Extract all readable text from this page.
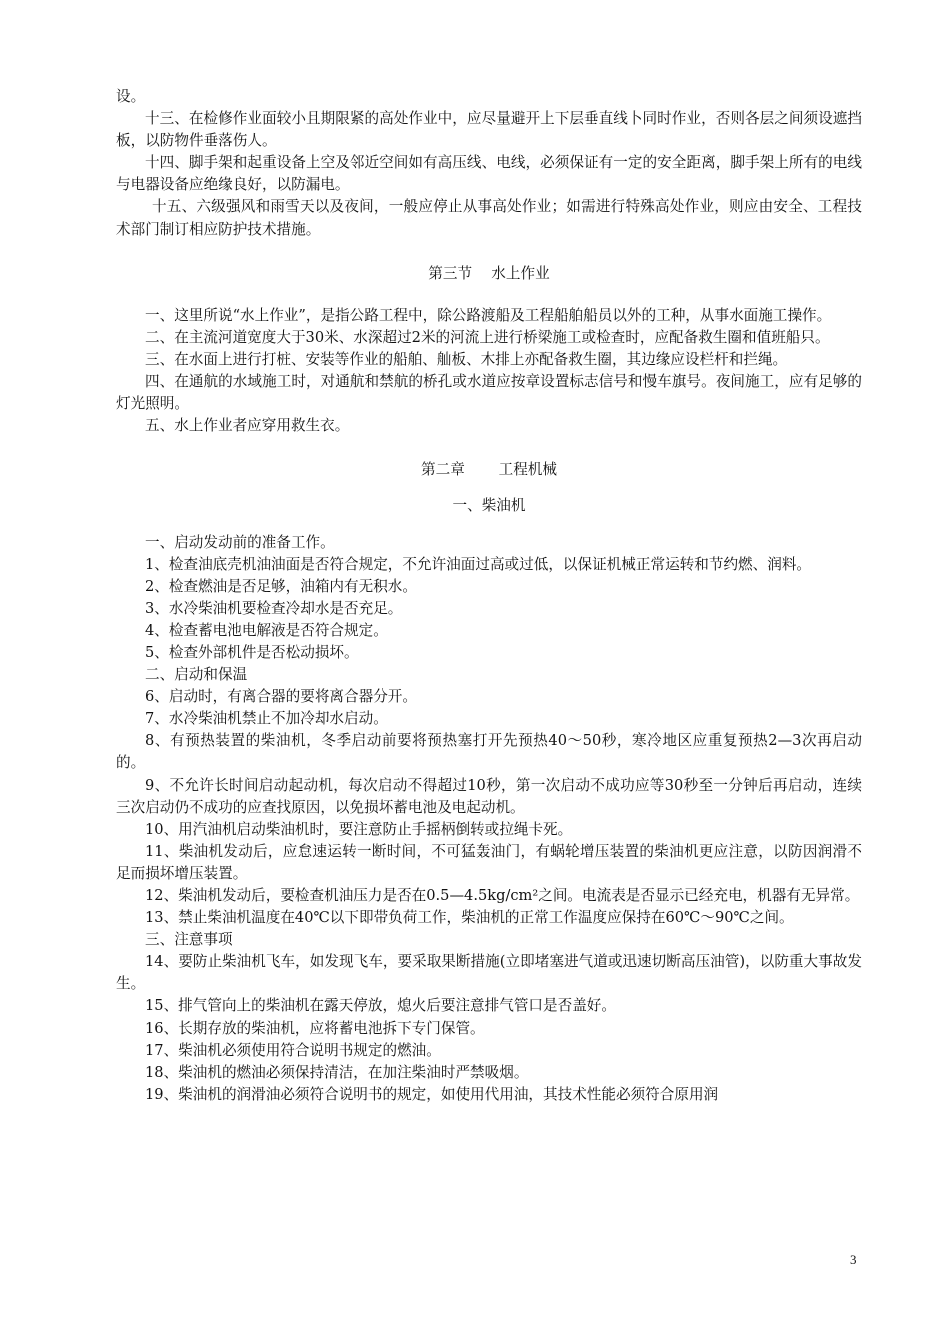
设。

十三、在检修作业面较小且期限紧的高处作业中，应尽量避开上下层垂直线卜同时作业，否则各层之间须设遮挡板，以防物件垂落伤人。

十四、脚手架和起重设备上空及邻近空间如有高压线、电线，必须保证有一定的安全距离，脚手架上所有的电线与电器设备应绝缘良好，以防漏电。

十五、六级强风和雨雪天以及夜间，一般应停止从事高处作业；如需进行特殊高处作业，则应由安全、工程技术部门制订相应防护技术措施。

第三节　 水上作业

一、这里所说“水上作业”，是指公路工程中，除公路渡船及工程船舶船员以外的工种，从事水面施工操作。

二、在主流河道宽度大于30米、水深超过2米的河流上进行桥梁施工或检查时，应配备救生圈和值班船只。

三、在水面上进行打桩、安装等作业的船舶、舢板、木排上亦配备救生圈，其边缘应设栏杆和拦绳。

四、在通航的水域施工时，对通航和禁航的桥孔或水道应按章设置标志信号和慢车旗号。夜间施工，应有足够的灯光照明。

五、水上作业者应穿用救生衣。

第二章　　 工程机械

一、柴油机

一、启动发动前的准备工作。

1、检查油底壳机油油面是否符合规定，不允许油面过高或过低，以保证机械正常运转和节约燃、润料。

2、检查燃油是否足够，油箱内有无积水。

3、水冷柴油机要检查冷却水是否充足。

4、检查蓄电池电解液是否符合规定。

5、检查外部机件是否松动损坏。

二、启动和保温

6、启动时，有离合器的要将离合器分开。

7、水冷柴油机禁止不加冷却水启动。

8、有预热装置的柴油机，冬季启动前要将预热塞打开先预热40～50秒，寒冷地区应重复预热2—3次再启动的。

9、不允许长时间启动起动机，每次启动不得超过10秒，第一次启动不成功应等30秒至一分钟后再启动，连续三次启动仍不成功的应查找原因，以免损坏蓄电池及电起动机。

10、用汽油机启动柴油机时，要注意防止手摇柄倒转或拉绳卡死。

11、柴油机发动后，应怠速运转一断时间，不可猛轰油门，有蜗轮增压装置的柴油机更应注意，以防因润滑不足而损坏增压装置。

12、柴油机发动后，要检查机油压力是否在0.5—4.5kg/cm²之间。电流表是否显示已经充电，机器有无异常。

13、禁止柴油机温度在40℃以下即带负荷工作，柴油机的正常工作温度应保持在60℃～90℃之间。

三、注意事项

14、要防止柴油机飞车，如发现飞车，要采取果断措施(立即堵塞进气道或迅速切断高压油管)，以防重大事故发生。

15、排气管向上的柴油机在露天停放，熄火后要注意排气管口是否盖好。

16、长期存放的柴油机，应将蓄电池拆下专门保管。

17、柴油机必须使用符合说明书规定的燃油。

18、柴油机的燃油必须保持清洁，在加注柴油时严禁吸烟。

19、柴油机的润滑油必须符合说明书的规定，如使用代用油，其技术性能必须符合原用润

3
